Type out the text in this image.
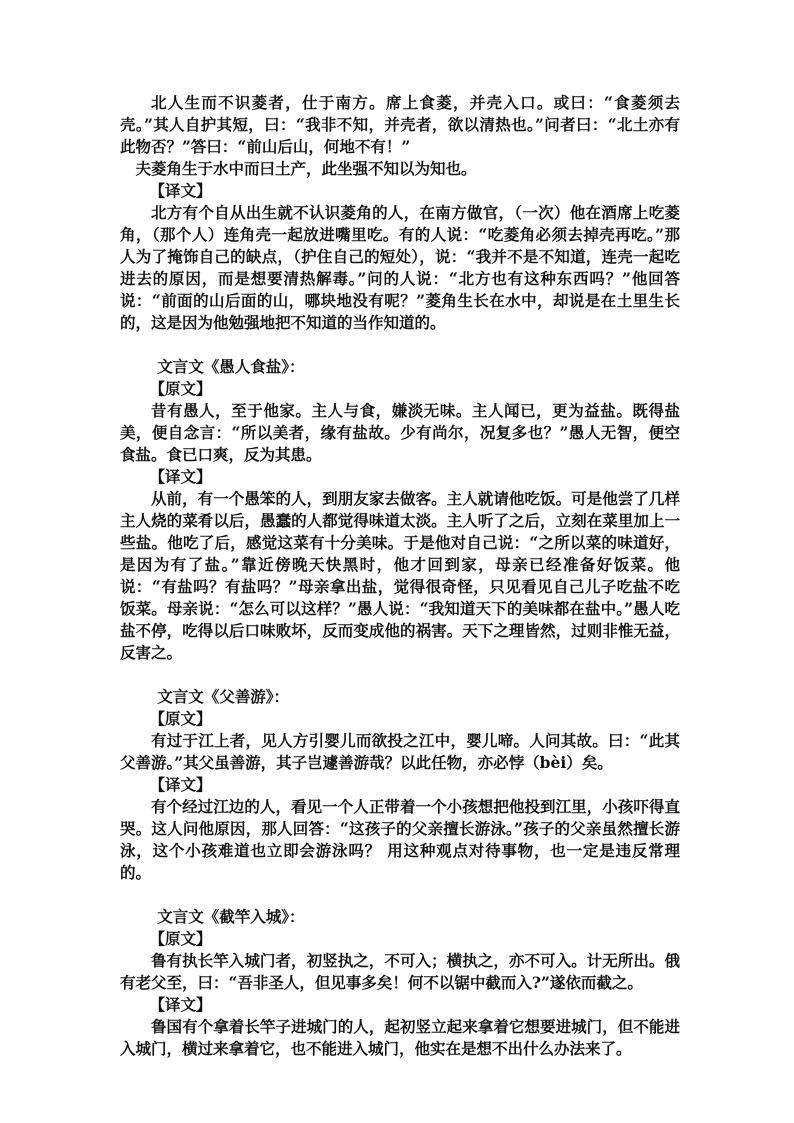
北人生而不识菱者，仕于南方。席上食菱，并壳入口。或曰：“食菱须去壳。”其人自护其短，曰：“我非不知，并壳者，欲以清热也。”问者曰：“北土亦有此物否？”答曰：“前山后山，何地不有！”

夫菱角生于水中而曰土产，此坐强不知以为知也。

【译文】

北方有个自从出生就不认识菱角的人，在南方做官，（一次）他在酒席上吃菱角，（那个人）连角壳一起放进嘴里吃。有的人说：“吃菱角必须去掉壳再吃。”那人为了掩饰自己的缺点，（护住自己的短处），说：“我并不是不知道，连壳一起吃进去的原因，而是想要清热解毒。”问的人说：“北方也有这种东西吗？”他回答说：“前面的山后面的山，哪块地没有呢？”菱角生长在水中，却说是在土里生长的，这是因为他勉强地把不知道的当作知道的。

文言文《愚人食盐》：

【原文】

昔有愚人，至于他家。主人与食，嫌淡无味。主人闻已，更为益盐。既得盐美，便自念言：“所以美者，缘有盐故。少有尚尔，况复多也？”愚人无智，便空食盐。食已口爽，反为其患。

【译文】

从前，有一个愚笨的人，到朋友家去做客。主人就请他吃饭。可是他尝了几样主人烧的菜肴以后，愚蠢的人都觉得味道太淡。主人听了之后，立刻在菜里加上一些盐。他吃了后，感觉这菜有十分美味。于是他对自己说：“之所以菜的味道好，是因为有了盐。”靠近傍晚天快黑时，他才回到家，母亲已经准备好饭菜。他说：“有盐吗？有盐吗？”母亲拿出盐，觉得很奇怪，只见看见自己儿子吃盐不吃饭菜。母亲说：“怎么可以这样？”愚人说：“我知道天下的美味都在盐中。”愚人吃盐不停，吃得以后口味败坏，反而变成他的祸害。天下之理皆然，过则非惟无益，反害之。

文言文《父善游》：

【原文】

有过于江上者，见人方引婴儿而欲投之江中，婴儿啼。人问其故。曰：“此其父善游。”其父虽善游，其子岂遽善游哉？以此任物，亦必悖（bèi）矣。

【译文】

有个经过江边的人，看见一个人正带着一个小孩想把他投到江里，小孩吓得直哭。这人问他原因，那人回答：“这孩子的父亲擅长游泳。”孩子的父亲虽然擅长游泳，这个小孩难道也立即会游泳吗？ 用这种观点对待事物，也一定是违反常理的。

文言文《截竿入城》：

【原文】

鲁有执长竿入城门者，初竖执之，不可入；横执之，亦不可入。计无所出。俄有老父至，曰：“吾非圣人，但见事多矣！何不以锯中截而入?”遂依而截之。

【译文】

鲁国有个拿着长竿子进城门的人，起初竖立起来拿着它想要进城门，但不能进入城门，横过来拿着它，也不能进入城门，他实在是想不出什么办法来了。
